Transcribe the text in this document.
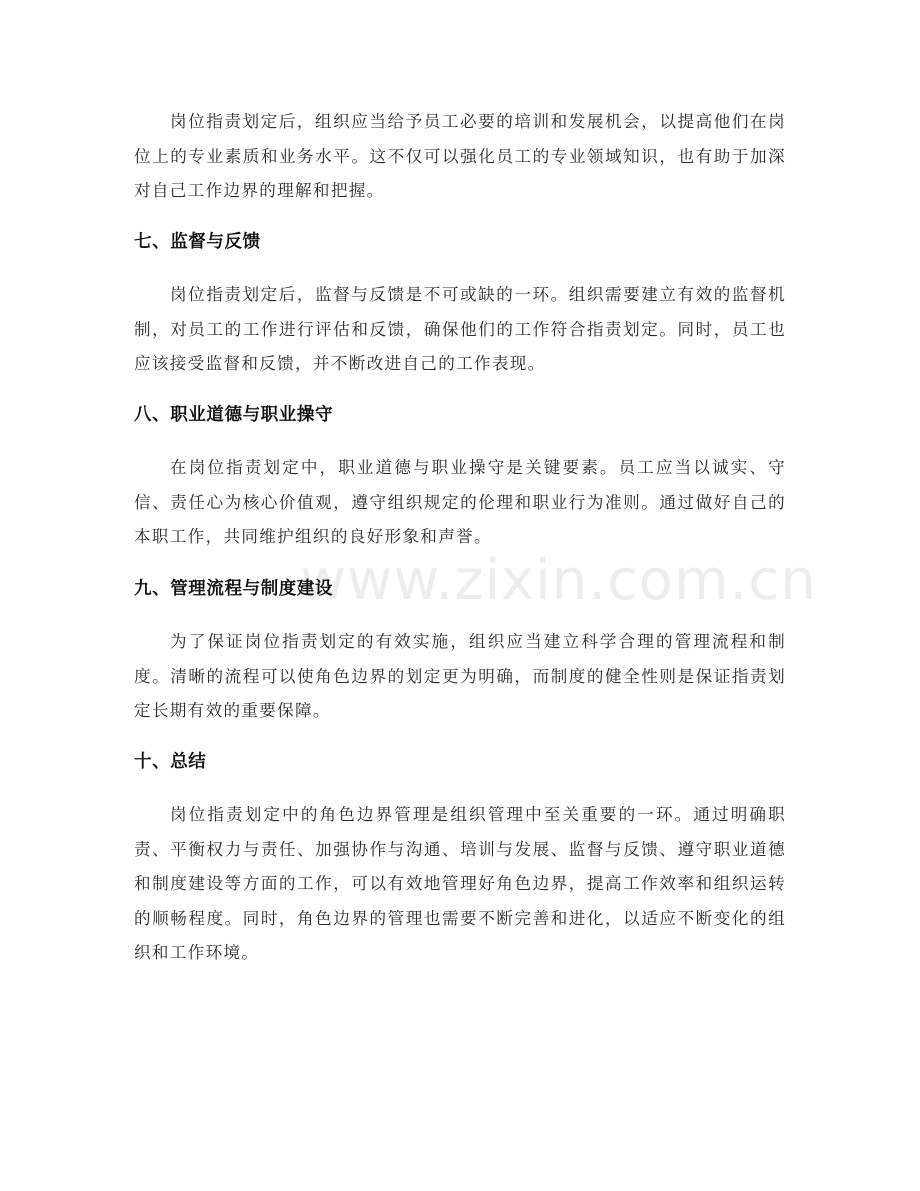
岗位指责划定后，组织应当给予员工必要的培训和发展机会，以提高他们在岗位上的专业素质和业务水平。这不仅可以强化员工的专业领域知识，也有助于加深对自己工作边界的理解和把握。

七、监督与反馈

岗位指责划定后，监督与反馈是不可或缺的一环。组织需要建立有效的监督机制，对员工的工作进行评估和反馈，确保他们的工作符合指责划定。同时，员工也应该接受监督和反馈，并不断改进自己的工作表现。

八、职业道德与职业操守

在岗位指责划定中，职业道德与职业操守是关键要素。员工应当以诚实、守信、责任心为核心价值观，遵守组织规定的伦理和职业行为准则。通过做好自己的本职工作，共同维护组织的良好形象和声誉。

九、管理流程与制度建设

为了保证岗位指责划定的有效实施，组织应当建立科学合理的管理流程和制度。清晰的流程可以使角色边界的划定更为明确，而制度的健全性则是保证指责划定长期有效的重要保障。

十、总结

岗位指责划定中的角色边界管理是组织管理中至关重要的一环。通过明确职责、平衡权力与责任、加强协作与沟通、培训与发展、监督与反馈、遵守职业道德和制度建设等方面的工作，可以有效地管理好角色边界，提高工作效率和组织运转的顺畅程度。同时，角色边界的管理也需要不断完善和进化，以适应不断变化的组织和工作环境。

www.zixin.com.cn
